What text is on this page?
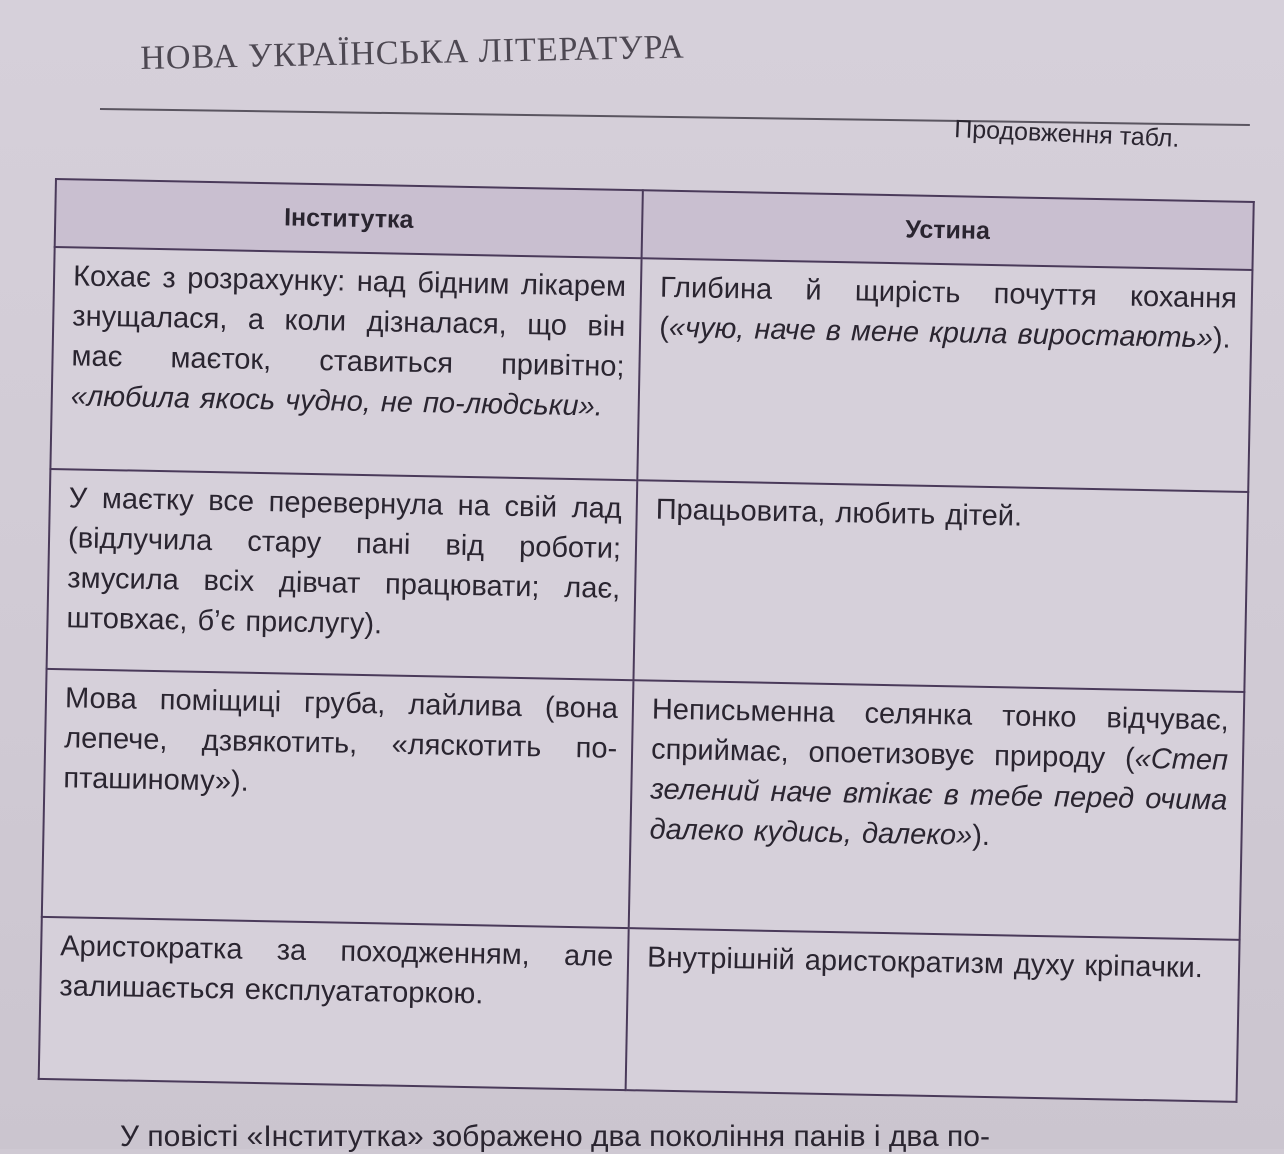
НОВА УКРАЇНСЬКА ЛІТЕРАТУРА
Продовження табл.
Інститутка	Устина
Кохає з розрахунку: над бідним лікарем знущалася, а коли дізналася, що він має маєток, ставиться привітно; «любила якось чудно, не по-людськи».	Глибина й щирість почуття кохання («чую, наче в мене крила виростають»).
У маєтку все перевернула на свій лад (відлучила стару пані від роботи; змусила всіх дівчат працювати; лає, штовхає, б’є прислугу).	Працьовита, любить дітей.
Мова поміщиці груба, лайлива (вона лепече, дзвякотить, «ляскотить по-пташиному»).	Неписьменна селянка тонко відчуває, сприймає, опоетизовує природу («Степ зелений наче втікає в тебе перед очима далеко кудись, далеко»).
Аристократка за походженням, але залишається експлуататоркою.	Внутрішній аристократизм духу кріпачки.
У повісті «Інститутка» зображено два покоління панів і два по-
